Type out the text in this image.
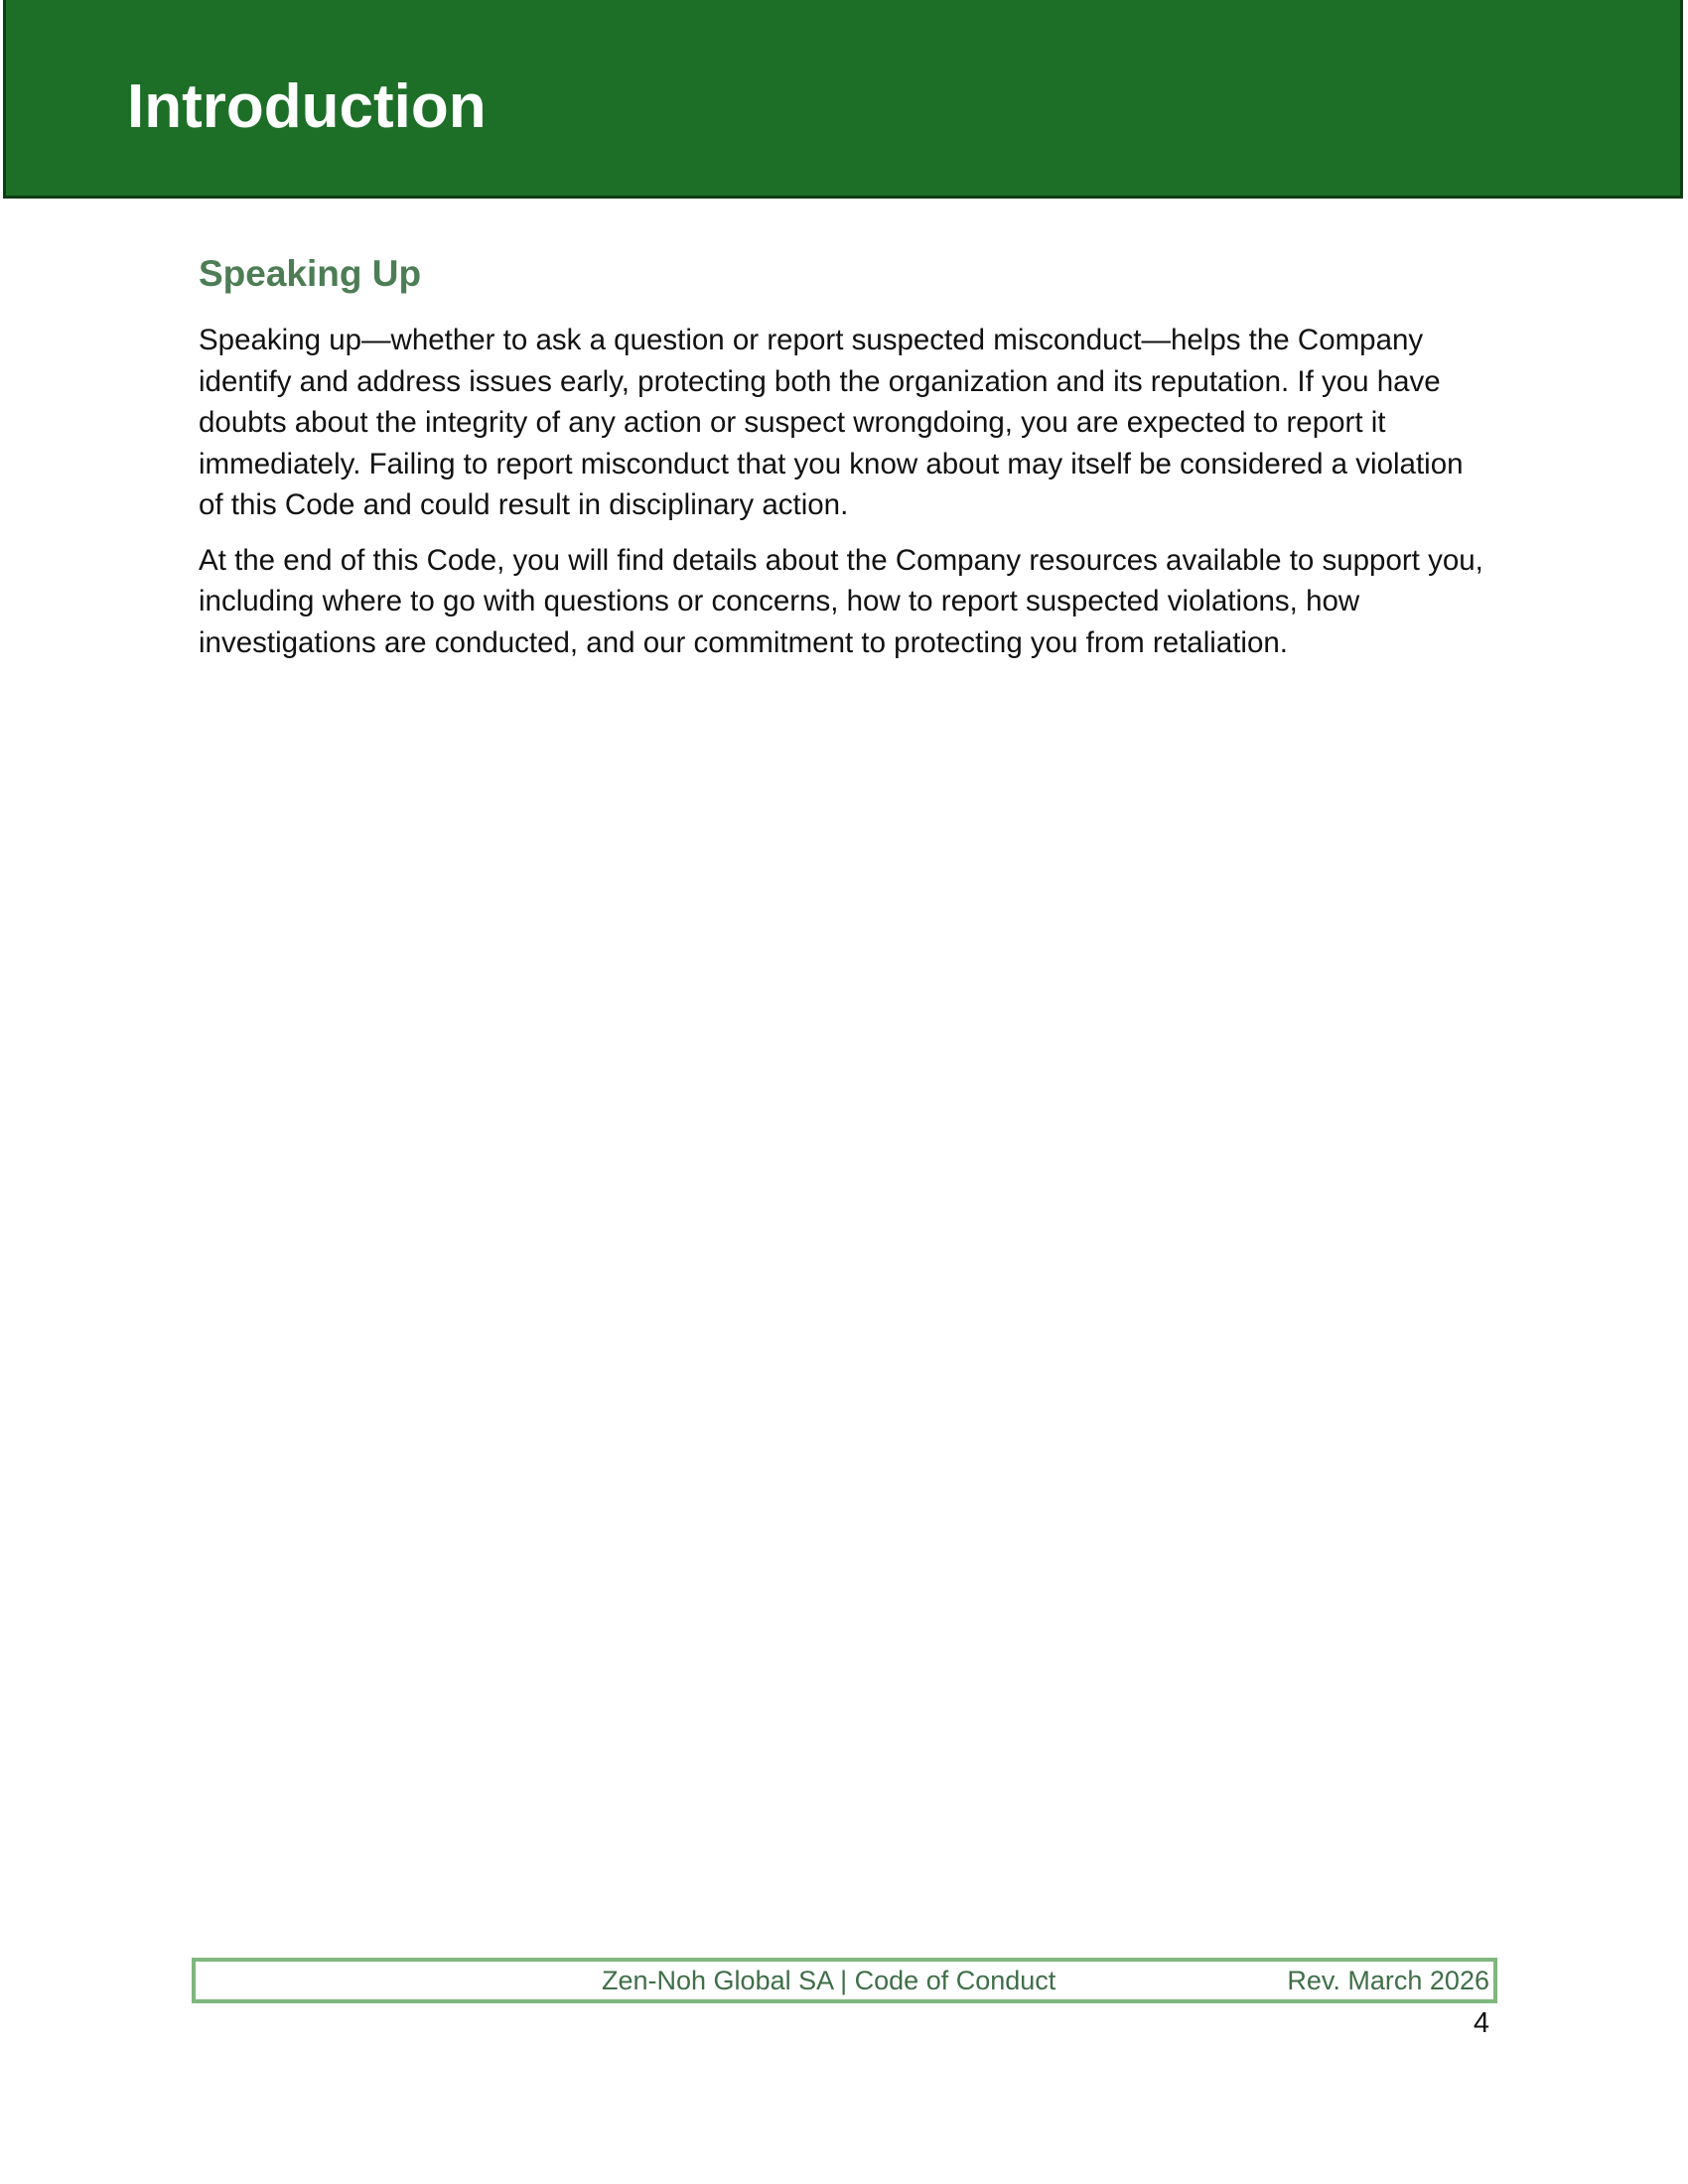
Introduction
Speaking Up

Speaking up—whether to ask a question or report suspected misconduct—helps the Company identify and address issues early, protecting both the organization and its reputation. If you have doubts about the integrity of any action or suspect wrongdoing, you are expected to report it immediately. Failing to report misconduct that you know about may itself be considered a violation of this Code and could result in disciplinary action.

At the end of this Code, you will find details about the Company resources available to support you, including where to go with questions or concerns, how to report suspected violations, how investigations are conducted, and our commitment to protecting you from retaliation.

Zen-Noh Global SA | Code of Conduct	Rev. March 2026
4
